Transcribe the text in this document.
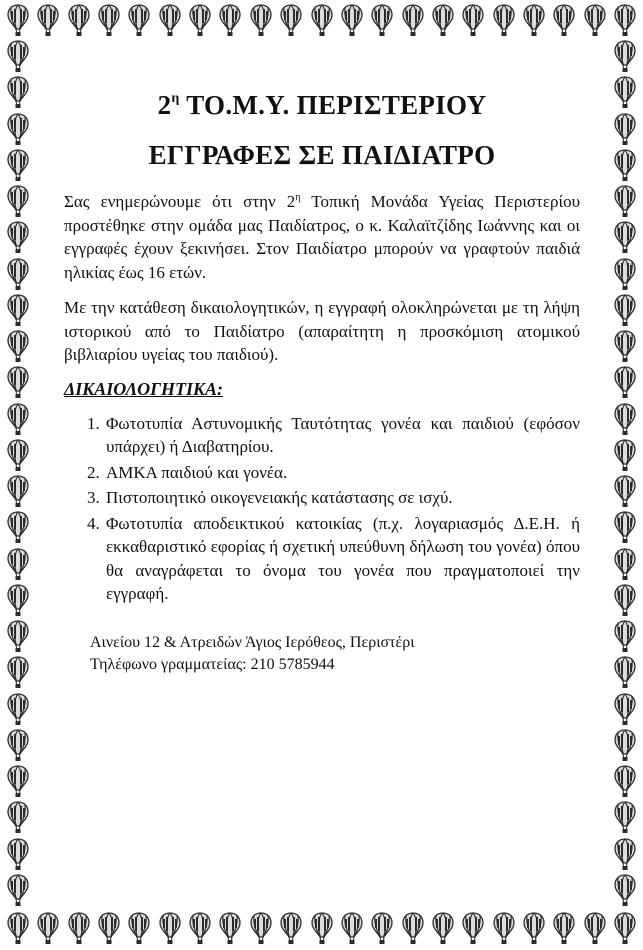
$2^\eta$ ΤΟ.Μ.Υ. ΠΕΡΙΣΤΕΡΙΟΥ
ΕΓΓΡΑΦΕΣ ΣΕ ΠΑΙΔΙΑΤΡΟ

Σας ενημερώνουμε ότι στην $2^\eta$ Τοπική Μονάδα Υγείας Περιστερίου προστέθηκε στην ομάδα μας Παιδίατρος, ο κ. Καλαϊτζίδης Ιωάννης και οι εγγραφές έχουν ξεκινήσει. Στον Παιδίατρο μπορούν να γραφτούν παιδιά ηλικίας έως 16 ετών.

Με την κατάθεση δικαιολογητικών, η εγγραφή ολοκληρώνεται με τη λήψη ιστορικού από το Παιδίατρο (απαραίτητη η προσκόμιση ατομικού βιβλιαρίου υγείας του παιδιού).

ΔΙΚΑΙΟΛΟΓΗΤΙΚΑ:
1. Φωτοτυπία Αστυνομικής Ταυτότητας γονέα και παιδιού (εφόσον υπάρχει) ή Διαβατηρίου.
2. ΑΜΚΑ παιδιού και γονέα.
3. Πιστοποιητικό οικογενειακής κατάστασης σε ισχύ.
4. Φωτοτυπία αποδεικτικού κατοικίας (π.χ. λογαριασμός Δ.Ε.Η. ή εκκαθαριστικό εφορίας ή σχετική υπεύθυνη δήλωση του γονέα) όπου θα αναγράφεται το όνομα του γονέα που πραγματοποιεί την εγγραφή.
Αινείου 12 & Ατρειδών Άγιος Ιερόθεος, Περιστέρι
Τηλέφωνο γραμματείας: 210 5785944
